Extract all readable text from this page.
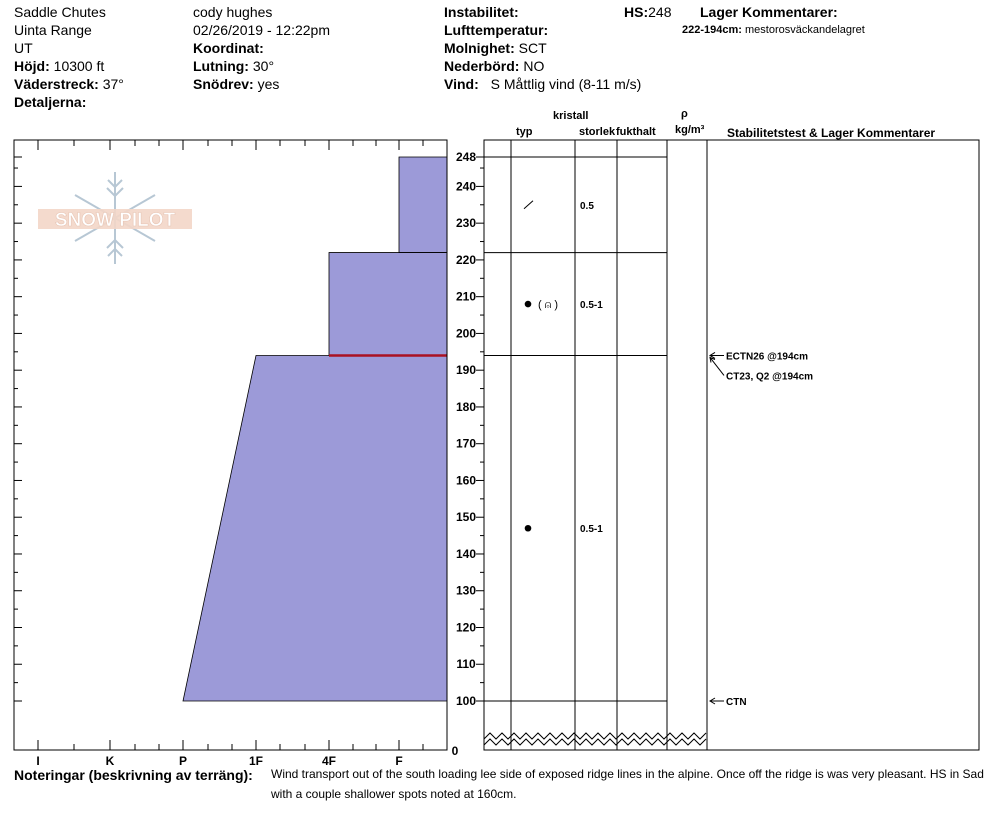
Saddle Chutes
Uinta Range
UT
Höjd: 10300 ft
Väderstreck: 37°
Detaljerna:
cody hughes
02/26/2019 - 12:22pm
Koordinat:
Lutning: 30°
Snödrev: yes
Instabilitet:
Lufttemperatur:
Molnighet: SCT
Nederbörd: NO
Vind: S Måttlig vind (8-11 m/s)
HS:248 Lager Kommentarer:
222-194cm: mestorosväckandelagret
kristall
typ	storlek fukthalt
ρ
kg/m³ Stabilitetstest & Lager Kommentarer
SNOW PILOT
I	K	P	1F	4F	F
100
110
120
130
140
150
160
170
180
190
200
210
220
230
240
248
0
0.5
( ⍝ ) 0.5-1
0.5-1
ECTN26 @194cm
CT23, Q2 @194cm
CTN
Noteringar (beskrivning av terräng): Wind transport out of the south loading lee side of exposed ridge lines in the alpine. Once off the ridge is was very pleasant. HS in Sad
with a couple shallower spots noted at 160cm.
